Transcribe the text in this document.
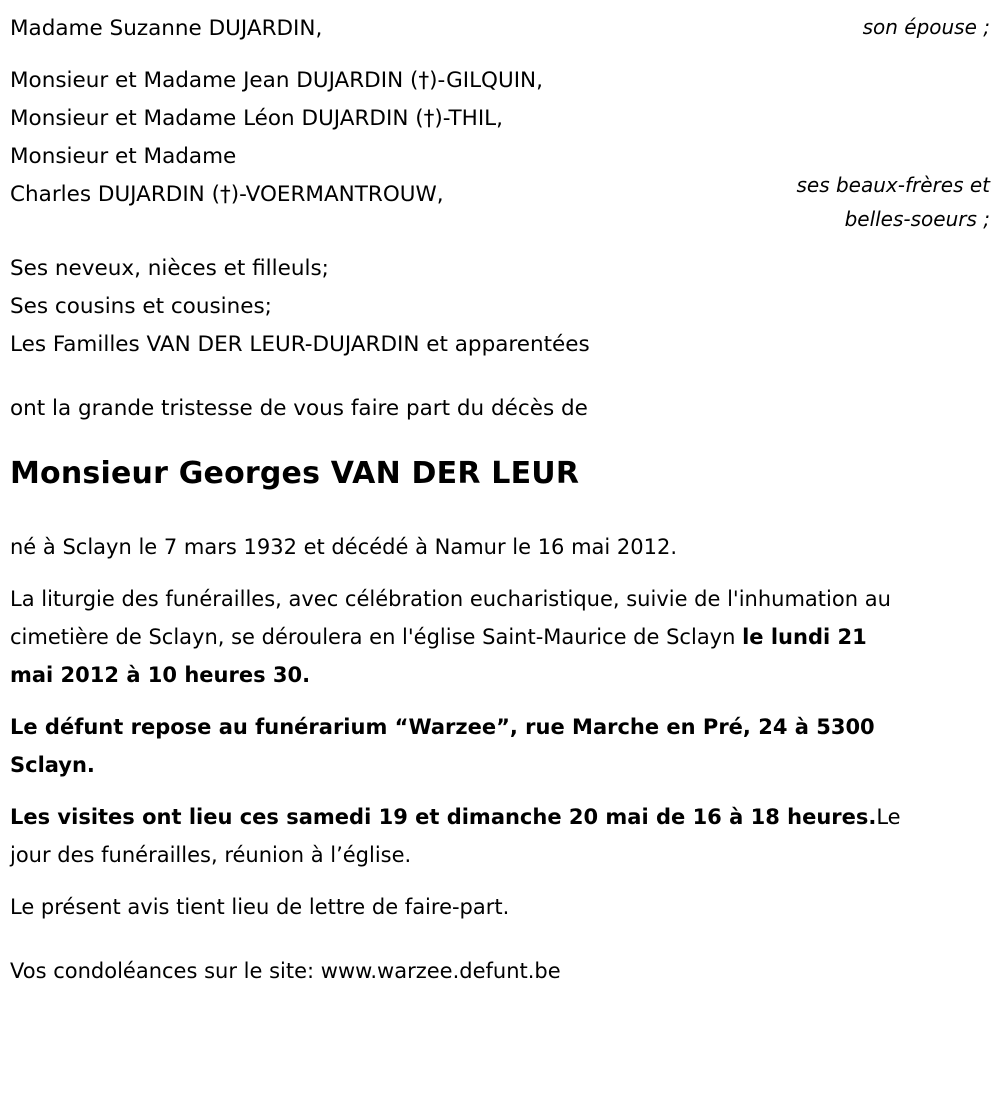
Madame Suzanne DUJARDIN,	son épouse ;
Monsieur et Madame Jean DUJARDIN (†)-GILQUIN,
Monsieur et Madame Léon DUJARDIN (†)-THIL,
Monsieur et Madame
Charles DUJARDIN (†)-VOERMANTROUW,	ses beaux-frères et
belles-soeurs ;
Ses neveux, nièces et filleuls;
Ses cousins et cousines;
Les Familles VAN DER LEUR-DUJARDIN et apparentées
ont la grande tristesse de vous faire part du décès de
Monsieur Georges VAN DER LEUR
né à Sclayn le 7 mars 1932 et décédé à Namur le 16 mai 2012.
La liturgie des funérailles, avec célébration eucharistique, suivie de l'inhumation au cimetière de Sclayn, se déroulera en l'église Saint-Maurice de Sclayn le lundi 21 mai 2012 à 10 heures 30.
Le défunt repose au funérarium “Warzee”, rue Marche en Pré, 24 à 5300 Sclayn.
Les visites ont lieu ces samedi 19 et dimanche 20 mai de 16 à 18 heures.Le jour des funérailles, réunion à l’église.
Le présent avis tient lieu de lettre de faire-part.
Vos condoléances sur le site: www.warzee.defunt.be
